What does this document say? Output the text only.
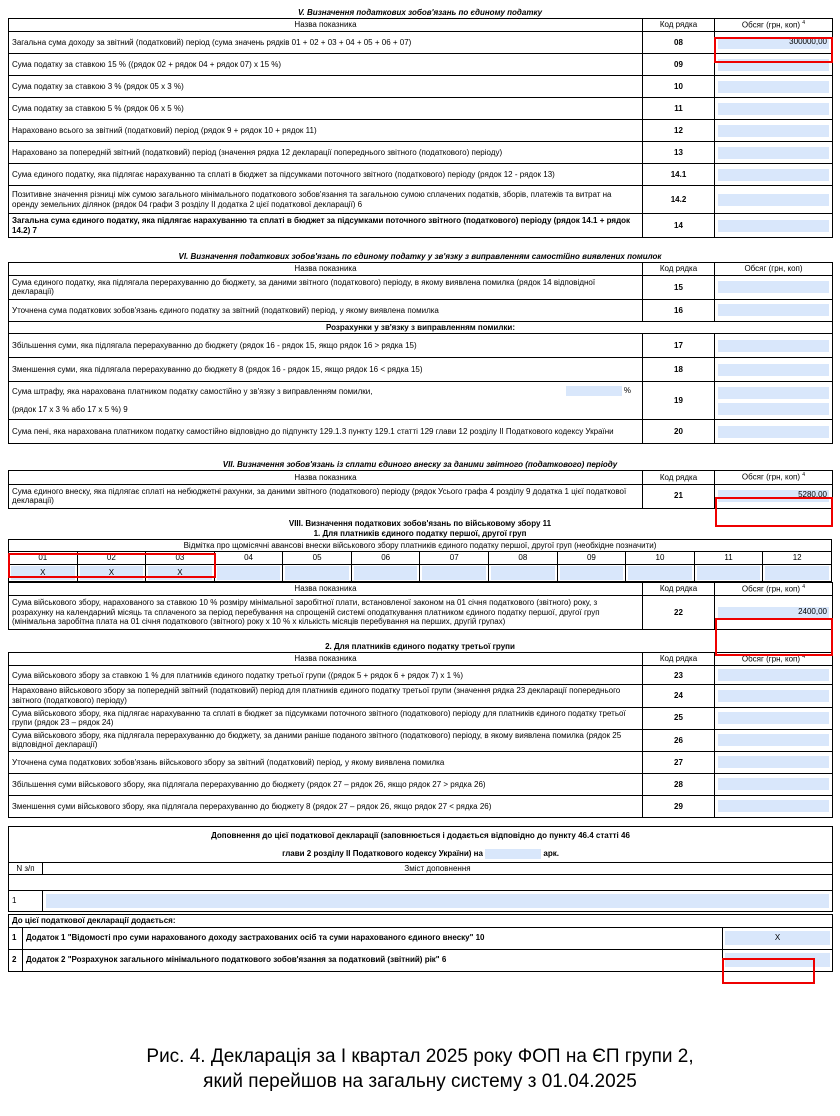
V. Визначення податкових зобов'язань по єдиному податку
Назва показника	Код рядка	Обсяг (грн, коп) $^4$
Загальна сума доходу за звітний (податковий) період (сума значень рядків 01 + 02 + 03 + 04 + 05 + 06 + 07)	08	300000,00

Сума податку за ставкою 15 % ((рядок 02 + рядок 04 + рядок 07) х 15 %)	09	

Сума податку за ставкою 3 % (рядок 05 х 3 %)	10	

Сума податку за ставкою 5 % (рядок 06 х 5 %)	11	

Нараховано всього за звітний (податковий) період (рядок 9 + рядок 10 + рядок 11)	12	

Нараховано за попередній звітний (податковий) період (значення рядка 12 декларації попереднього звітного (податкового) періоду)	13	

Сума єдиного податку, яка підлягає нарахуванню та сплаті в бюджет за підсумками поточного звітного (податкового) періоду (рядок 12 - рядок 13)	14.1	

Позитивне значення різниці між сумою загального мінімального податкового зобов'язання та загальною сумою сплачених податків, зборів, платежів та витрат на оренду земельних ділянок (рядок 04 графи 3 розділу ІІ додатка 2 цієї податкової декларації) 6	14.2	

Загальна сума єдиного податку, яка підлягає нарахуванню та сплаті в бюджет за підсумками поточного звітного (податкового) періоду (рядок 14.1 + рядок 14.2) 7	14	
VI. Визначення податкових зобов'язань по єдиному податку у зв'язку з виправленням самостійно виявлених помилок
Назва показника	Код рядка	Обсяг (грн, коп)
Сума єдиного податку, яка підлягала перерахуванню до бюджету, за даними звітного (податкового) періоду, в якому виявлена помилка (рядок 14 відповідної декларації)	15	

Уточнена сума податкових зобов'язань єдиного податку за звітний (податковий) період, у якому виявлена помилка	16	

Розрахунки у зв'язку з виправленням помилки:		
Збільшення суми, яка підлягала перерахуванню до бюджету (рядок 16 - рядок 15, якщо рядок 16 > рядка 15)	17	

Зменшення суми, яка підлягала перерахуванню до бюджету 8 (рядок 16 - рядок 15, якщо рядок 16 < рядка 15)	18	

Сума штрафу, яка нарахована платником податку самостійно у зв'язку з виправленням помилки, %
(рядок 17 х 3 % або 17 х 5 %) 9	19	

Сума пені, яка нарахована платником податку самостійно відповідно до підпункту 129.1.3 пункту 129.1 статті 129 глави 12 розділу ІІ Податкового кодексу України	20	
VII. Визначення зобов'язань із сплати єдиного внеску за даними звітного (податкового) періоду
Назва показника	Код рядка	Обсяг (грн, коп) $^4$
Сума єдиного внеску, яка підлягає сплаті на небюджетні рахунки, за даними звітного (податкового) періоду (рядок Усього графа 4 розділу 9 додатка 1 цієї податкової декларації)	21	5280,00
VIII. Визначення податкових зобов'язань по військовому збору 11
1. Для платників єдиного податку першої, другої груп
Відмітка про щомісячні авансові внески військового збору платників єдиного податку першої, другої груп (необхідне позначити)											
01	02	03	04	05	06	07	08	09	10	11	12

X	X	X									

Назва показника	Код рядка	Обсяг (грн, коп) $^4$
Сума військового збору, нарахованого за ставкою 10 % розміру мінімальної заробітної плати, встановленої законом на 01 січня податкового (звітного) року, з розрахунку на календарний місяць та сплаченого за період перебування на спрощеній системі оподаткування платником єдиного податку першої, другої груп (мінімальна заробітна плата на 01 січня податкового (звітного) року х 10 % х кількість місяців перебування на перших, другій групах)	22	2400,00
2. Для платників єдиного податку третьої групи
Назва показника	Код рядка	Обсяг (грн, коп) $^4$
Сума військового збору за ставкою 1 % для платників єдиного податку третьої групи ((рядок 5 + рядок 6 + рядок 7) х 1 %)	23	

Нараховано військового збору за попередній звітний (податковий) період для платників єдиного податку третьої групи (значення рядка 23 декларації попереднього звітного (податкового) періоду)	24	

Сума військового збору, яка підлягає нарахуванню та сплаті в бюджет за підсумками поточного звітного (податкового) періоду для платників єдиного податку третьої групи (рядок 23 – рядок 24)	25	

Сума військового збору, яка підлягала перерахуванню до бюджету, за даними раніше поданого звітного (податкового) періоду, в якому виявлена помилка (рядок 25 відповідної декларації)	26	

Уточнена сума податкових зобов'язань військового збору за звітний (податковий) період, у якому виявлена помилка	27	

Збільшення суми військового збору, яка підлягала перерахуванню до бюджету (рядок 27 – рядок 26, якщо рядок 27 > рядка 26)	28	

Зменшення суми військового збору, яка підлягала перерахуванню до бюджету 8 (рядок 27 – рядок 26, якщо рядок 27 < рядка 26)	29	
Доповнення до цієї податкової декларації (заповнюється і додається відповідно до пункту 46.4 статті 46
глави 2 розділу ІІ Податкового кодексу України) на арк.	

N з/п	Зміст доповнення

1	
До цієї податкової декларації додається:		
1	Додаток 1 "Відомості про суми нарахованого доходу застрахованих осіб та суми нарахованого єдиного внеску" 10	X

2	Додаток 2 "Розрахунок загального мінімального податкового зобов'язання за податковий (звітний) рік" 6	
Рис. 4. Декларація за І квартал 2025 року ФОП на ЄП групи 2,
який перейшов на загальну систему з 01.04.2025
